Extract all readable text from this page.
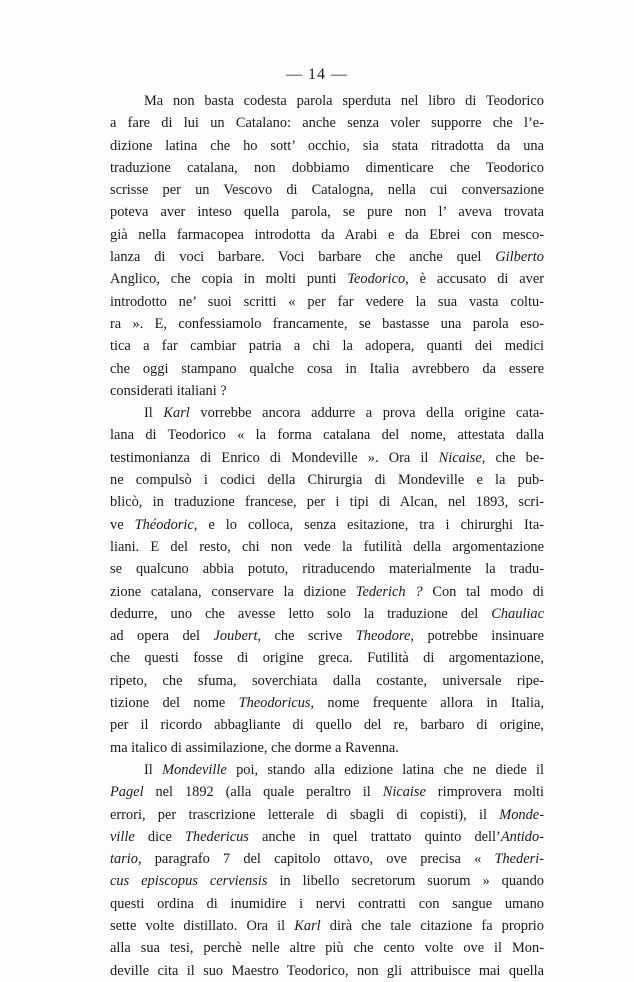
— 14 —
Ma non basta codesta parola sperduta nel libro di Teodorico
a fare di lui un Catalano: anche senza voler supporre che l’e-
dizione latina che ho sott’ occhio, sia stata ritradotta da una
traduzione catalana, non dobbiamo dimenticare che Teodorico
scrisse per un Vescovo di Catalogna, nella cui conversazione
poteva aver inteso quella parola, se pure non l’ aveva trovata
già nella farmacopea introdotta da Arabi e da Ebrei con mesco-
lanza di voci barbare. Voci barbare che anche quel Gilberto
Anglico, che copia in molti punti Teodorico, è accusato di aver
introdotto ne’ suoi scritti « per far vedere la sua vasta coltu-
ra ». E, confessiamolo francamente, se bastasse una parola eso-
tica a far cambiar patria a chi la adopera, quanti dei medici
che oggi stampano qualche cosa in Italia avrebbero da essere
considerati italiani ?
Il Karl vorrebbe ancora addurre a prova della origine cata-
lana di Teodorico « la forma catalana del nome, attestata dalla
testimonianza di Enrico di Mondeville ». Ora il Nicaise, che be-
ne compulsò i codici della Chirurgia di Mondeville e la pub-
blicò, in traduzione francese, per i tipi di Alcan, nel 1893, scri-
ve Théodoric, e lo colloca, senza esitazione, tra i chirurghi Ita-
liani. E del resto, chi non vede la futilità della argomentazione
se qualcuno abbia potuto, ritraducendo materialmente la tradu-
zione catalana, conservare la dizione Tederich ? Con tal modo di
dedurre, uno che avesse letto solo la traduzione del Chauliac
ad opera del Joubert, che scrive Theodore, potrebbe insinuare
che questi fosse di origine greca. Futilità di argomentazione,
ripeto, che sfuma, soverchiata dalla costante, universale ripe-
tizione del nome Theodoricus, nome frequente allora in Italia,
per il ricordo abbagliante di quello del re, barbaro di origine,
ma italico di assimilazione, che dorme a Ravenna.
Il Mondeville poi, stando alla edizione latina che ne diede il
Pagel nel 1892 (alla quale peraltro il Nicaise rimprovera molti
errori, per trascrizione letterale di sbagli di copisti), il Monde-
ville dice Thedericus anche in quel trattato quinto dell’Antido-
tario, paragrafo 7 del capitolo ottavo, ove precisa « Thederi-
cus episcopus cerviensis in libello secretorum suorum » quando
questi ordina di inumidire i nervi contratti con sangue umano
sette volte distillato. Ora il Karl dirà che tale citazione fa proprio
alla sua tesi, perchè nelle altre più che cento volte ove il Mon-
deville cita il suo Maestro Teodorico, non gli attribuisce mai quella
